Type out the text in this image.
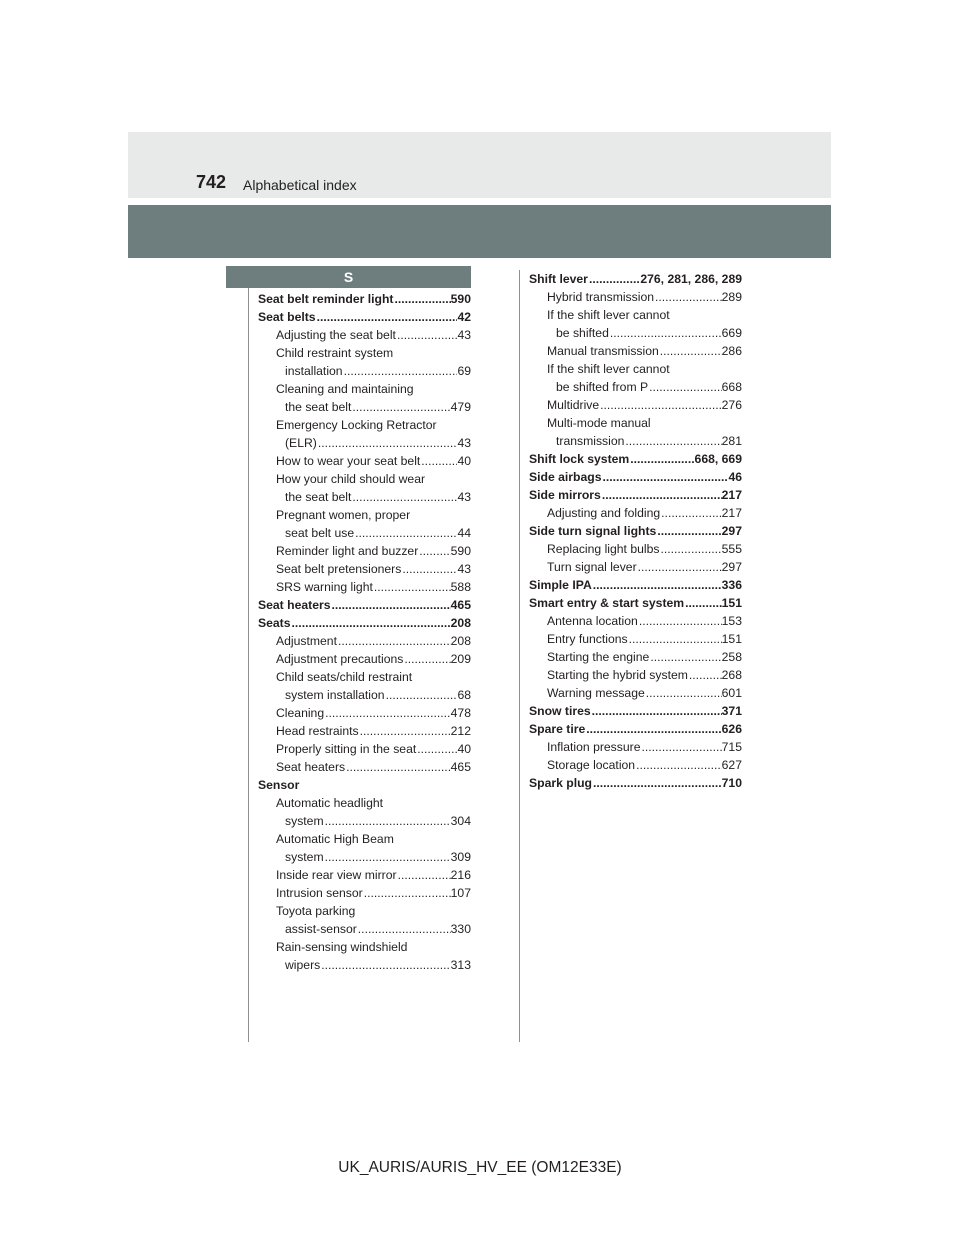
742 Alphabetical index
S
Seat belt reminder light .....	590
Seat belts .....	42
Adjusting the seat belt .....	43
Child restraint system
installation .....	69
Cleaning and maintaining
the seat belt .....	479
Emergency Locking Retractor
(ELR) .....	43
How to wear your seat belt .....	40
How your child should wear
the seat belt .....	43
Pregnant women, proper
seat belt use .....	44
Reminder light and buzzer .....	590
Seat belt pretensioners .....	43
SRS warning light .....	588
Seat heaters .....	465
Seats .....	208
Adjustment .....	208
Adjustment precautions .....	209
Child seats/child restraint
system installation .....	68
Cleaning .....	478
Head restraints .....	212
Properly sitting in the seat .....	40
Seat heaters .....	465
Sensor
Automatic headlight
system .....	304
Automatic High Beam
system .....	309
Inside rear view mirror .....	216
Intrusion sensor .....	107
Toyota parking
assist-sensor .....	330
Rain-sensing windshield
wipers .....	313
Shift lever .....	276, 281, 286, 289
Hybrid transmission .....	289
If the shift lever cannot
be shifted .....	669
Manual transmission .....	286
If the shift lever cannot
be shifted from P .....	668
Multidrive .....	276
Multi-mode manual
transmission .....	281
Shift lock system .....	668, 669
Side airbags .....	46
Side mirrors .....	217
Adjusting and folding .....	217
Side turn signal lights .....	297
Replacing light bulbs .....	555
Turn signal lever .....	297
Simple IPA .....	336
Smart entry & start system .....	151
Antenna location .....	153
Entry functions .....	151
Starting the engine .....	258
Starting the hybrid system .....	268
Warning message .....	601
Snow tires .....	371
Spare tire .....	626
Inflation pressure .....	715
Storage location .....	627
Spark plug .....	710
UK_AURIS/AURIS_HV_EE (OM12E33E)
